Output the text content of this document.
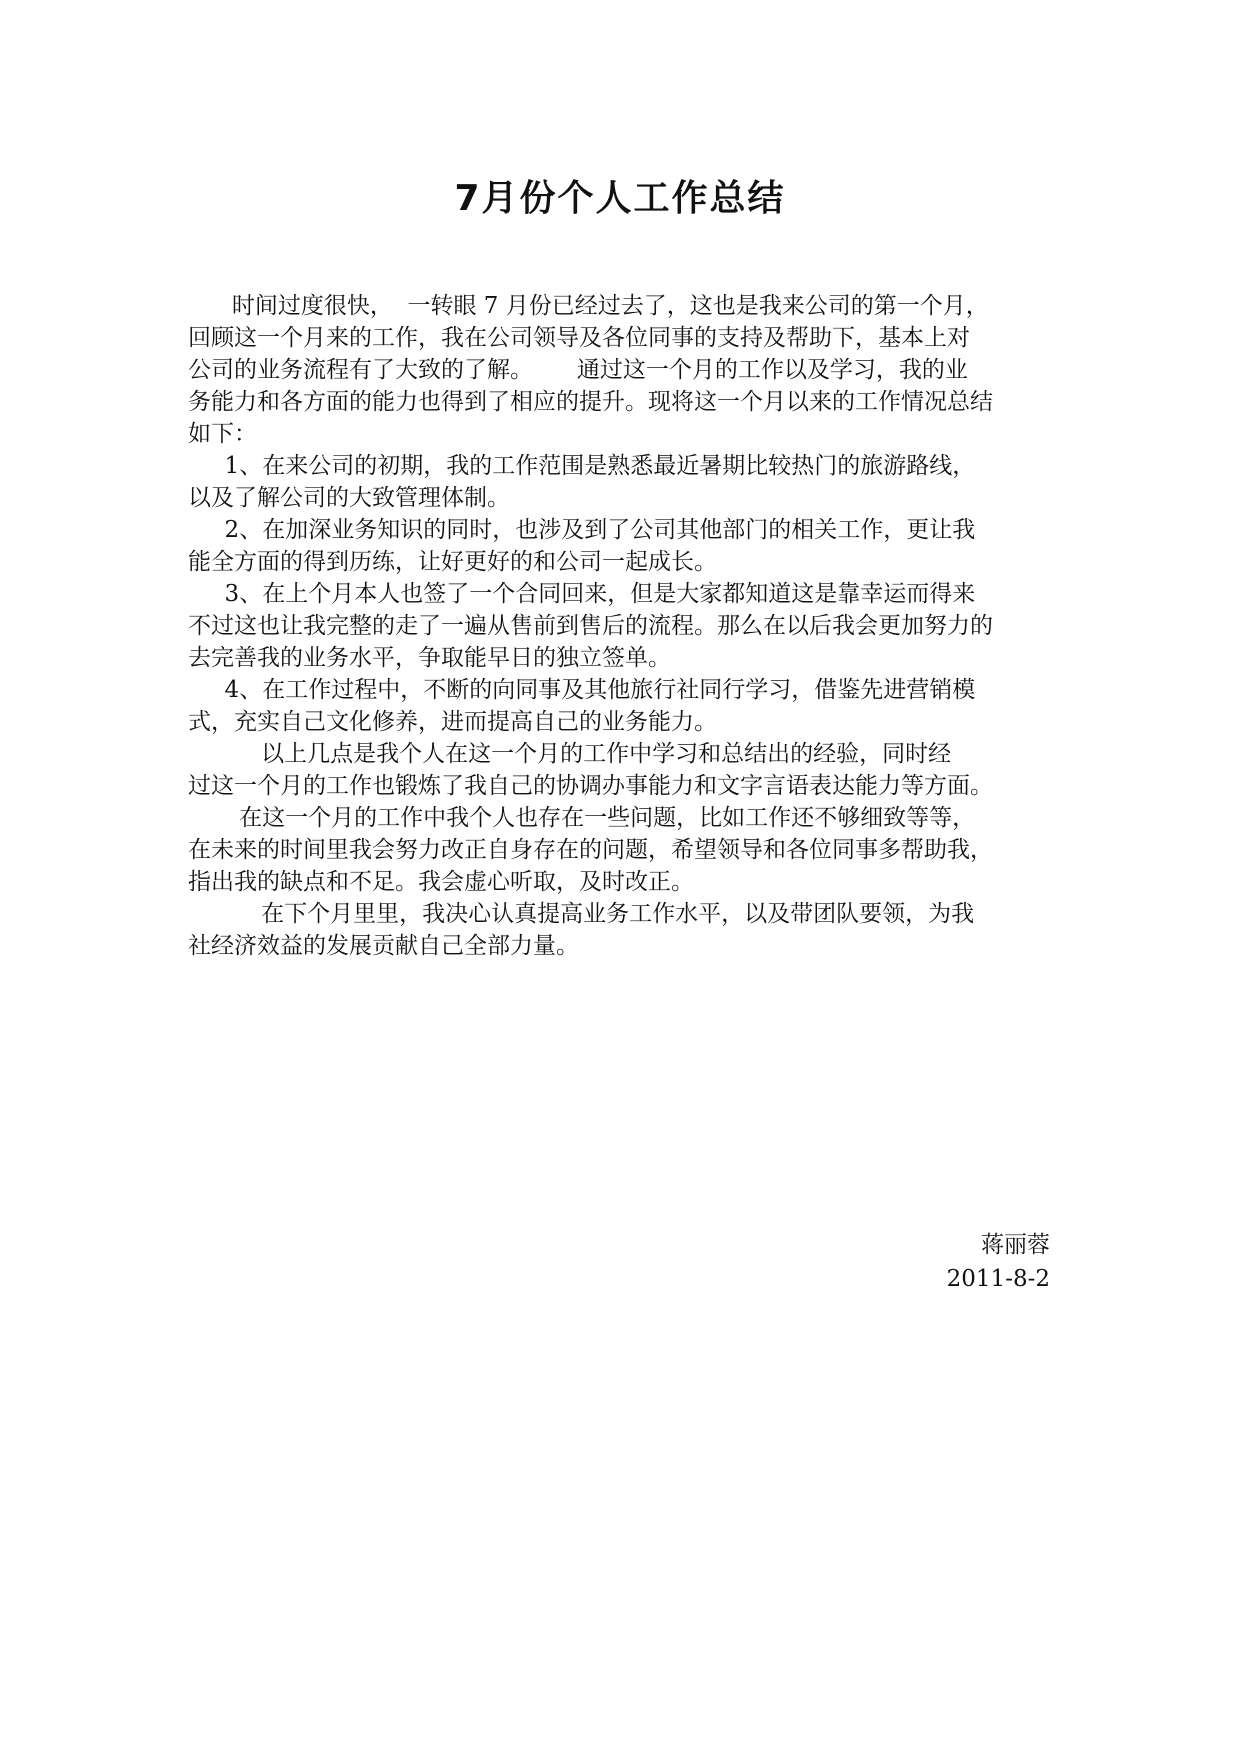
7月份个人工作总结
时间过度很快，  一转眼 7 月份已经过去了，这也是我来公司的第一个月，
回顾这一个月来的工作，我在公司领导及各位同事的支持及帮助下，基本上对
公司的业务流程有了大致的了解。      通过这一个月的工作以及学习，我的业
务能力和各方面的能力也得到了相应的提升。现将这一个月以来的工作情况总结
如下：
1、在来公司的初期，我的工作范围是熟悉最近暑期比较热门的旅游路线，
以及了解公司的大致管理体制。
2、在加深业务知识的同时，也涉及到了公司其他部门的相关工作，更让我
能全方面的得到历练，让好更好的和公司一起成长。
3、在上个月本人也签了一个合同回来，但是大家都知道这是靠幸运而得来
不过这也让我完整的走了一遍从售前到售后的流程。那么在以后我会更加努力的
去完善我的业务水平，争取能早日的独立签单。
4、在工作过程中，不断的向同事及其他旅行社同行学习，借鉴先进营销模
式，充实自己文化修养，进而提高自己的业务能力。
以上几点是我个人在这一个月的工作中学习和总结出的经验，同时经
过这一个月的工作也锻炼了我自己的协调办事能力和文字言语表达能力等方面。
在这一个月的工作中我个人也存在一些问题，比如工作还不够细致等等，
在未来的时间里我会努力改正自身存在的问题，希望领导和各位同事多帮助我，
指出我的缺点和不足。我会虚心听取，及时改正。
在下个月里里，我决心认真提高业务工作水平，以及带团队要领，为我
社经济效益的发展贡献自己全部力量。
蒋丽蓉
2011-8-2
